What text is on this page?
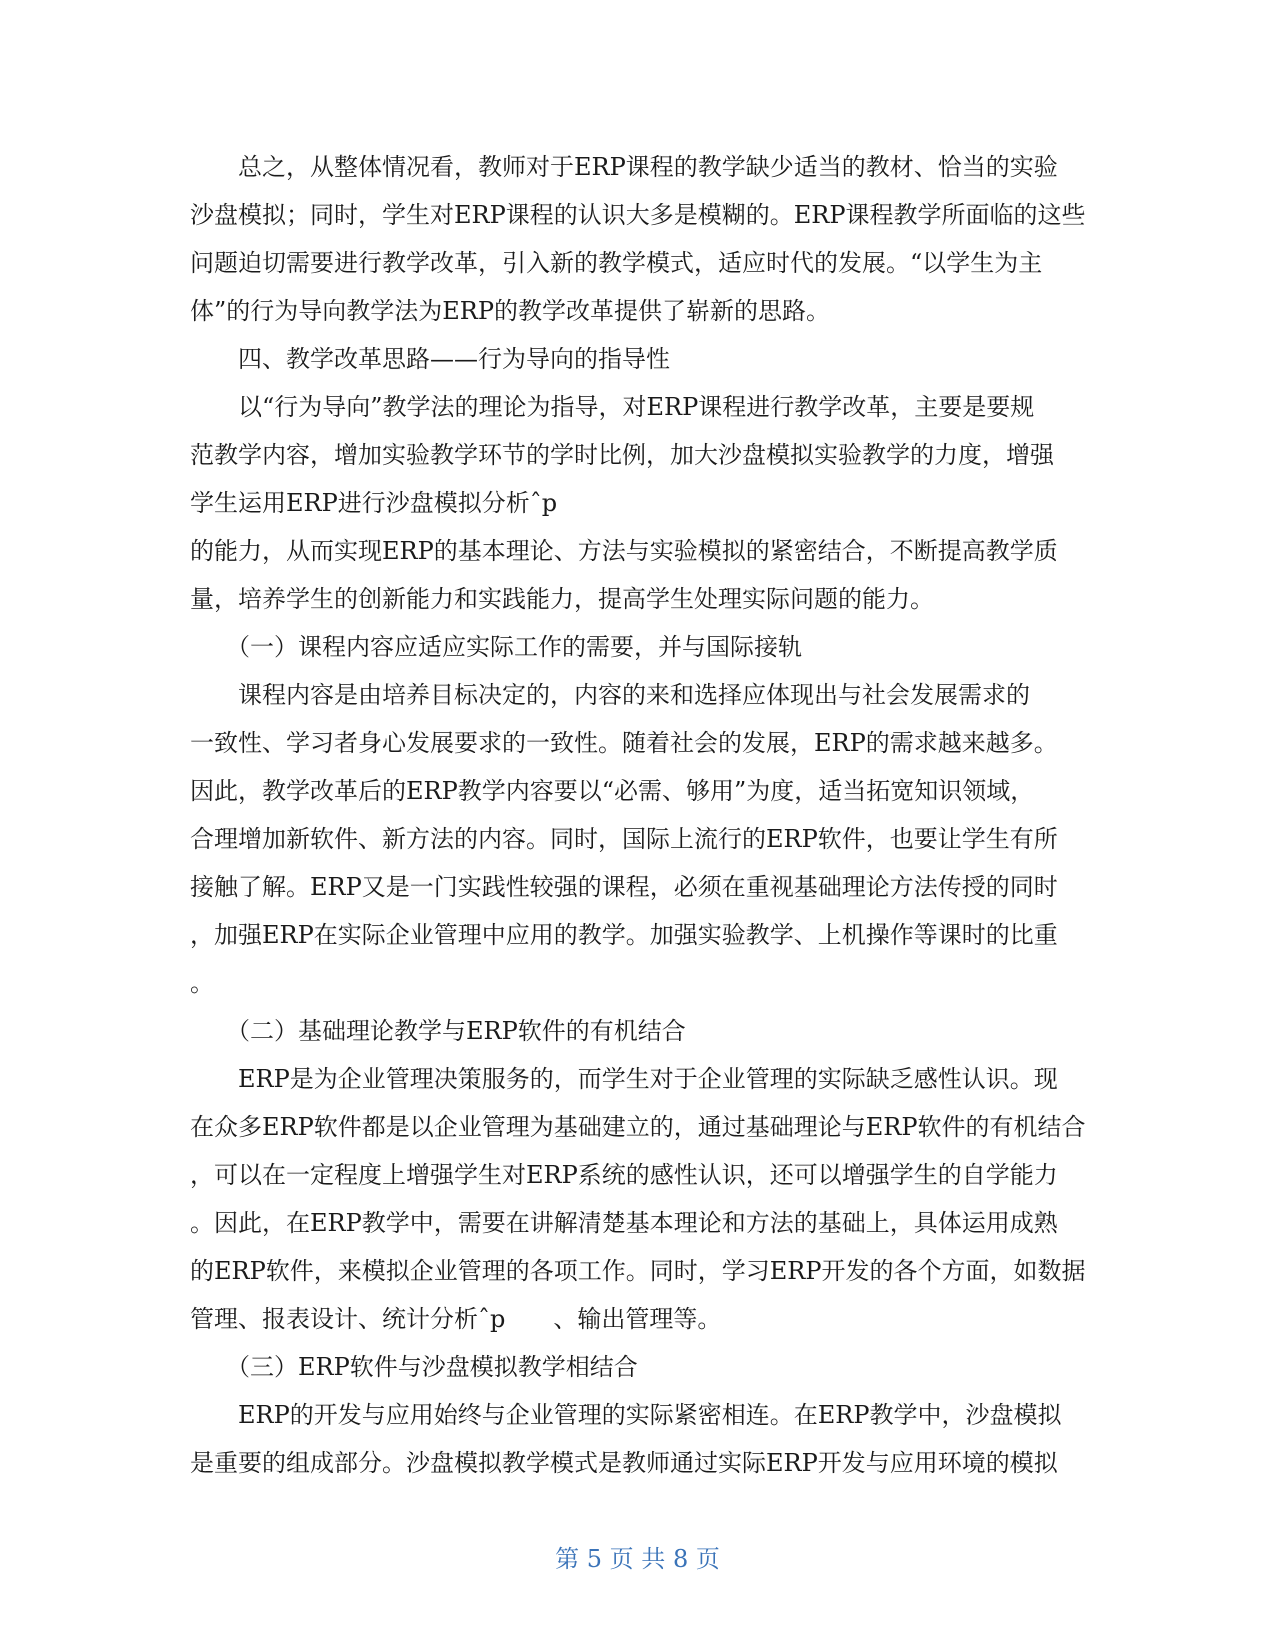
　　总之，从整体情况看，教师对于ERP课程的教学缺少适当的教材、恰当的实验

沙盘模拟；同时，学生对ERP课程的认识大多是模糊的。ERP课程教学所面临的这些

问题迫切需要进行教学改革，引入新的教学模式，适应时代的发展。“以学生为主

体”的行为导向教学法为ERP的教学改革提供了崭新的思路。

　　四、教学改革思路——行为导向的指导性

　　以“行为导向”教学法的理论为指导，对ERP课程进行教学改革，主要是要规

范教学内容，增加实验教学环节的学时比例，加大沙盘模拟实验教学的力度，增强

学生运用ERP进行沙盘模拟分析ˆp

的能力，从而实现ERP的基本理论、方法与实验模拟的紧密结合，不断提高教学质

量，培养学生的创新能力和实践能力，提高学生处理实际问题的能力。

　　（一）课程内容应适应实际工作的需要，并与国际接轨

　　课程内容是由培养目标决定的，内容的来和选择应体现出与社会发展需求的

一致性、学习者身心发展要求的一致性。随着社会的发展，ERP的需求越来越多。

因此，教学改革后的ERP教学内容要以“必需、够用”为度，适当拓宽知识领域，

合理增加新软件、新方法的内容。同时，国际上流行的ERP软件，也要让学生有所

接触了解。ERP又是一门实践性较强的课程，必须在重视基础理论方法传授的同时

，加强ERP在实际企业管理中应用的教学。加强实验教学、上机操作等课时的比重

。

　　（二）基础理论教学与ERP软件的有机结合

　　ERP是为企业管理决策服务的，而学生对于企业管理的实际缺乏感性认识。现

在众多ERP软件都是以企业管理为基础建立的，通过基础理论与ERP软件的有机结合

，可以在一定程度上增强学生对ERP系统的感性认识，还可以增强学生的自学能力

。因此，在ERP教学中，需要在讲解清楚基本理论和方法的基础上，具体运用成熟

的ERP软件，来模拟企业管理的各项工作。同时，学习ERP开发的各个方面，如数据

管理、报表设计、统计分析ˆp　　、输出管理等。

　　（三）ERP软件与沙盘模拟教学相结合

　　ERP的开发与应用始终与企业管理的实际紧密相连。在ERP教学中，沙盘模拟

是重要的组成部分。沙盘模拟教学模式是教师通过实际ERP开发与应用环境的模拟

第 5 页 共 8 页
